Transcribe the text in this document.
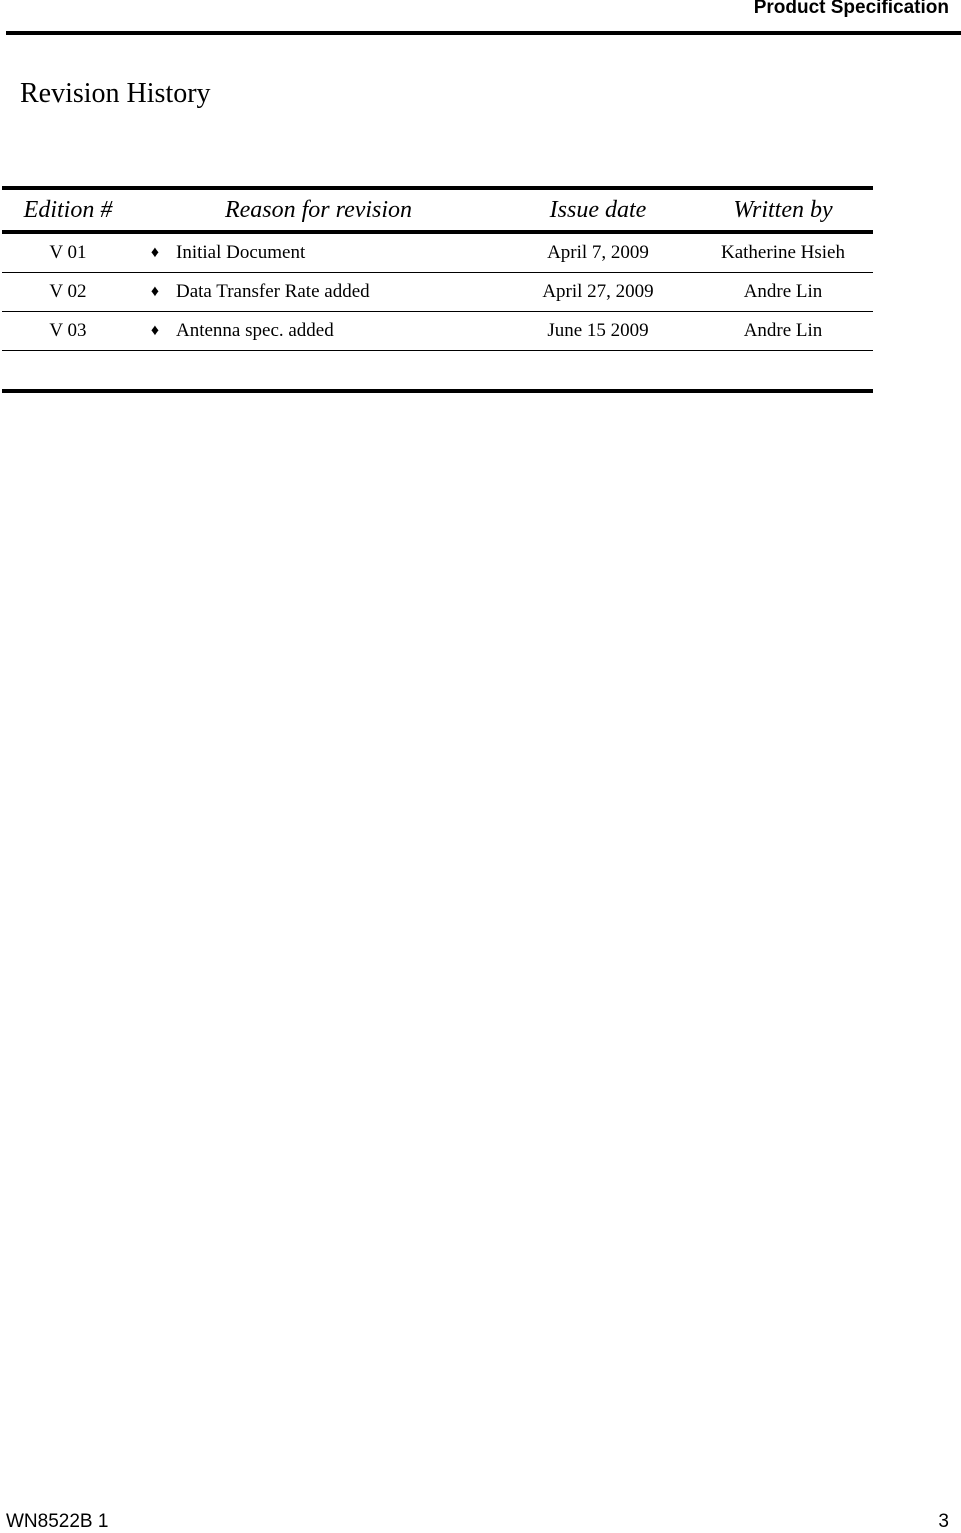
Product Specification
Revision History
Edition #	Reason for revision		Issue date	Written by
V 01	♦	Initial Document	April 7, 2009	Katherine Hsieh
V 02	♦	Data Transfer Rate added	April 27, 2009	Andre Lin
V 03	♦	Antenna spec. added	June 15 2009	Andre Lin

WN8522B 1	3
